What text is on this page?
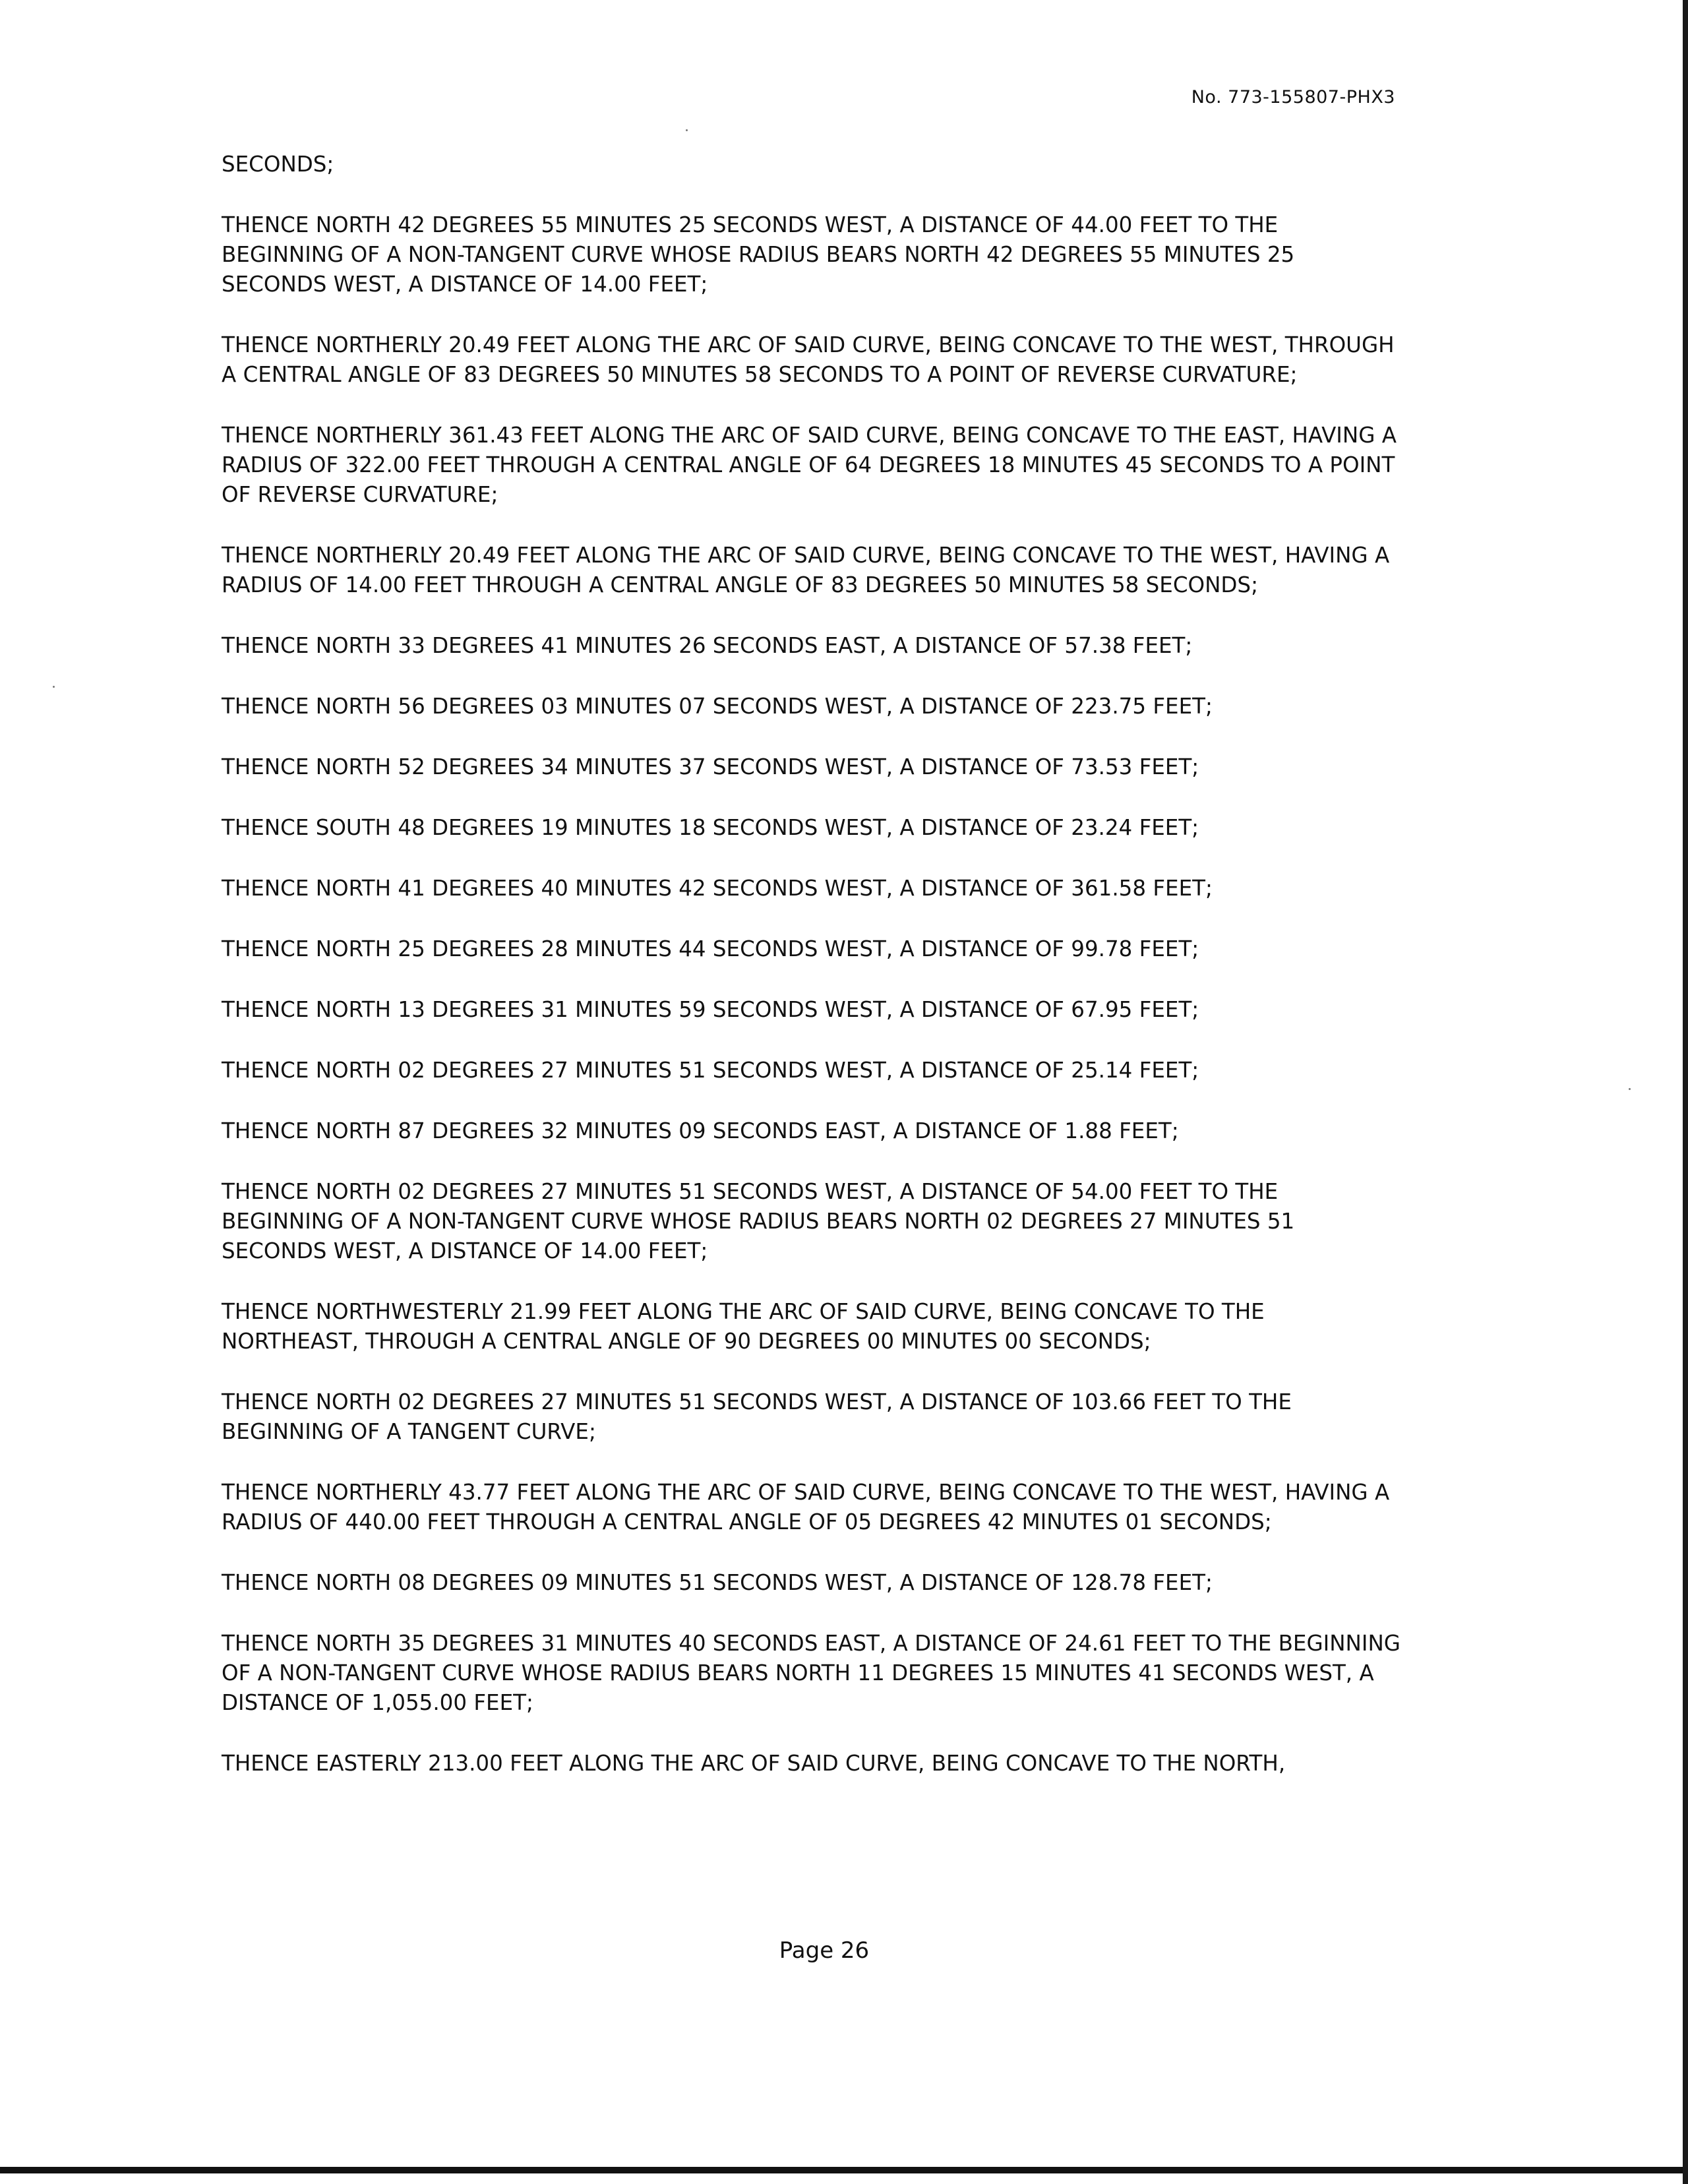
No. 773-155807-PHX3

SECONDS;

THENCE NORTH 42 DEGREES 55 MINUTES 25 SECONDS WEST, A DISTANCE OF 44.00 FEET TO THE BEGINNING OF A NON-TANGENT CURVE WHOSE RADIUS BEARS NORTH 42 DEGREES 55 MINUTES 25 SECONDS WEST, A DISTANCE OF 14.00 FEET;

THENCE NORTHERLY 20.49 FEET ALONG THE ARC OF SAID CURVE, BEING CONCAVE TO THE WEST, THROUGH A CENTRAL ANGLE OF 83 DEGREES 50 MINUTES 58 SECONDS TO A POINT OF REVERSE CURVATURE;

THENCE NORTHERLY 361.43 FEET ALONG THE ARC OF SAID CURVE, BEING CONCAVE TO THE EAST, HAVING A RADIUS OF 322.00 FEET THROUGH A CENTRAL ANGLE OF 64 DEGREES 18 MINUTES 45 SECONDS TO A POINT OF REVERSE CURVATURE;

THENCE NORTHERLY 20.49 FEET ALONG THE ARC OF SAID CURVE, BEING CONCAVE TO THE WEST, HAVING A RADIUS OF 14.00 FEET THROUGH A CENTRAL ANGLE OF 83 DEGREES 50 MINUTES 58 SECONDS;

THENCE NORTH 33 DEGREES 41 MINUTES 26 SECONDS EAST, A DISTANCE OF 57.38 FEET;

THENCE NORTH 56 DEGREES 03 MINUTES 07 SECONDS WEST, A DISTANCE OF 223.75 FEET;

THENCE NORTH 52 DEGREES 34 MINUTES 37 SECONDS WEST, A DISTANCE OF 73.53 FEET;

THENCE SOUTH 48 DEGREES 19 MINUTES 18 SECONDS WEST, A DISTANCE OF 23.24 FEET;

THENCE NORTH 41 DEGREES 40 MINUTES 42 SECONDS WEST, A DISTANCE OF 361.58 FEET;

THENCE NORTH 25 DEGREES 28 MINUTES 44 SECONDS WEST, A DISTANCE OF 99.78 FEET;

THENCE NORTH 13 DEGREES 31 MINUTES 59 SECONDS WEST, A DISTANCE OF 67.95 FEET;

THENCE NORTH 02 DEGREES 27 MINUTES 51 SECONDS WEST, A DISTANCE OF 25.14 FEET;

THENCE NORTH 87 DEGREES 32 MINUTES 09 SECONDS EAST, A DISTANCE OF 1.88 FEET;

THENCE NORTH 02 DEGREES 27 MINUTES 51 SECONDS WEST, A DISTANCE OF 54.00 FEET TO THE BEGINNING OF A NON-TANGENT CURVE WHOSE RADIUS BEARS NORTH 02 DEGREES 27 MINUTES 51 SECONDS WEST, A DISTANCE OF 14.00 FEET;

THENCE NORTHWESTERLY 21.99 FEET ALONG THE ARC OF SAID CURVE, BEING CONCAVE TO THE NORTHEAST, THROUGH A CENTRAL ANGLE OF 90 DEGREES 00 MINUTES 00 SECONDS;

THENCE NORTH 02 DEGREES 27 MINUTES 51 SECONDS WEST, A DISTANCE OF 103.66 FEET TO THE BEGINNING OF A TANGENT CURVE;

THENCE NORTHERLY 43.77 FEET ALONG THE ARC OF SAID CURVE, BEING CONCAVE TO THE WEST, HAVING A RADIUS OF 440.00 FEET THROUGH A CENTRAL ANGLE OF 05 DEGREES 42 MINUTES 01 SECONDS;

THENCE NORTH 08 DEGREES 09 MINUTES 51 SECONDS WEST, A DISTANCE OF 128.78 FEET;

THENCE NORTH 35 DEGREES 31 MINUTES 40 SECONDS EAST, A DISTANCE OF 24.61 FEET TO THE BEGINNING OF A NON-TANGENT CURVE WHOSE RADIUS BEARS NORTH 11 DEGREES 15 MINUTES 41 SECONDS WEST, A DISTANCE OF 1,055.00 FEET;

THENCE EASTERLY 213.00 FEET ALONG THE ARC OF SAID CURVE, BEING CONCAVE TO THE NORTH,

Page 26
